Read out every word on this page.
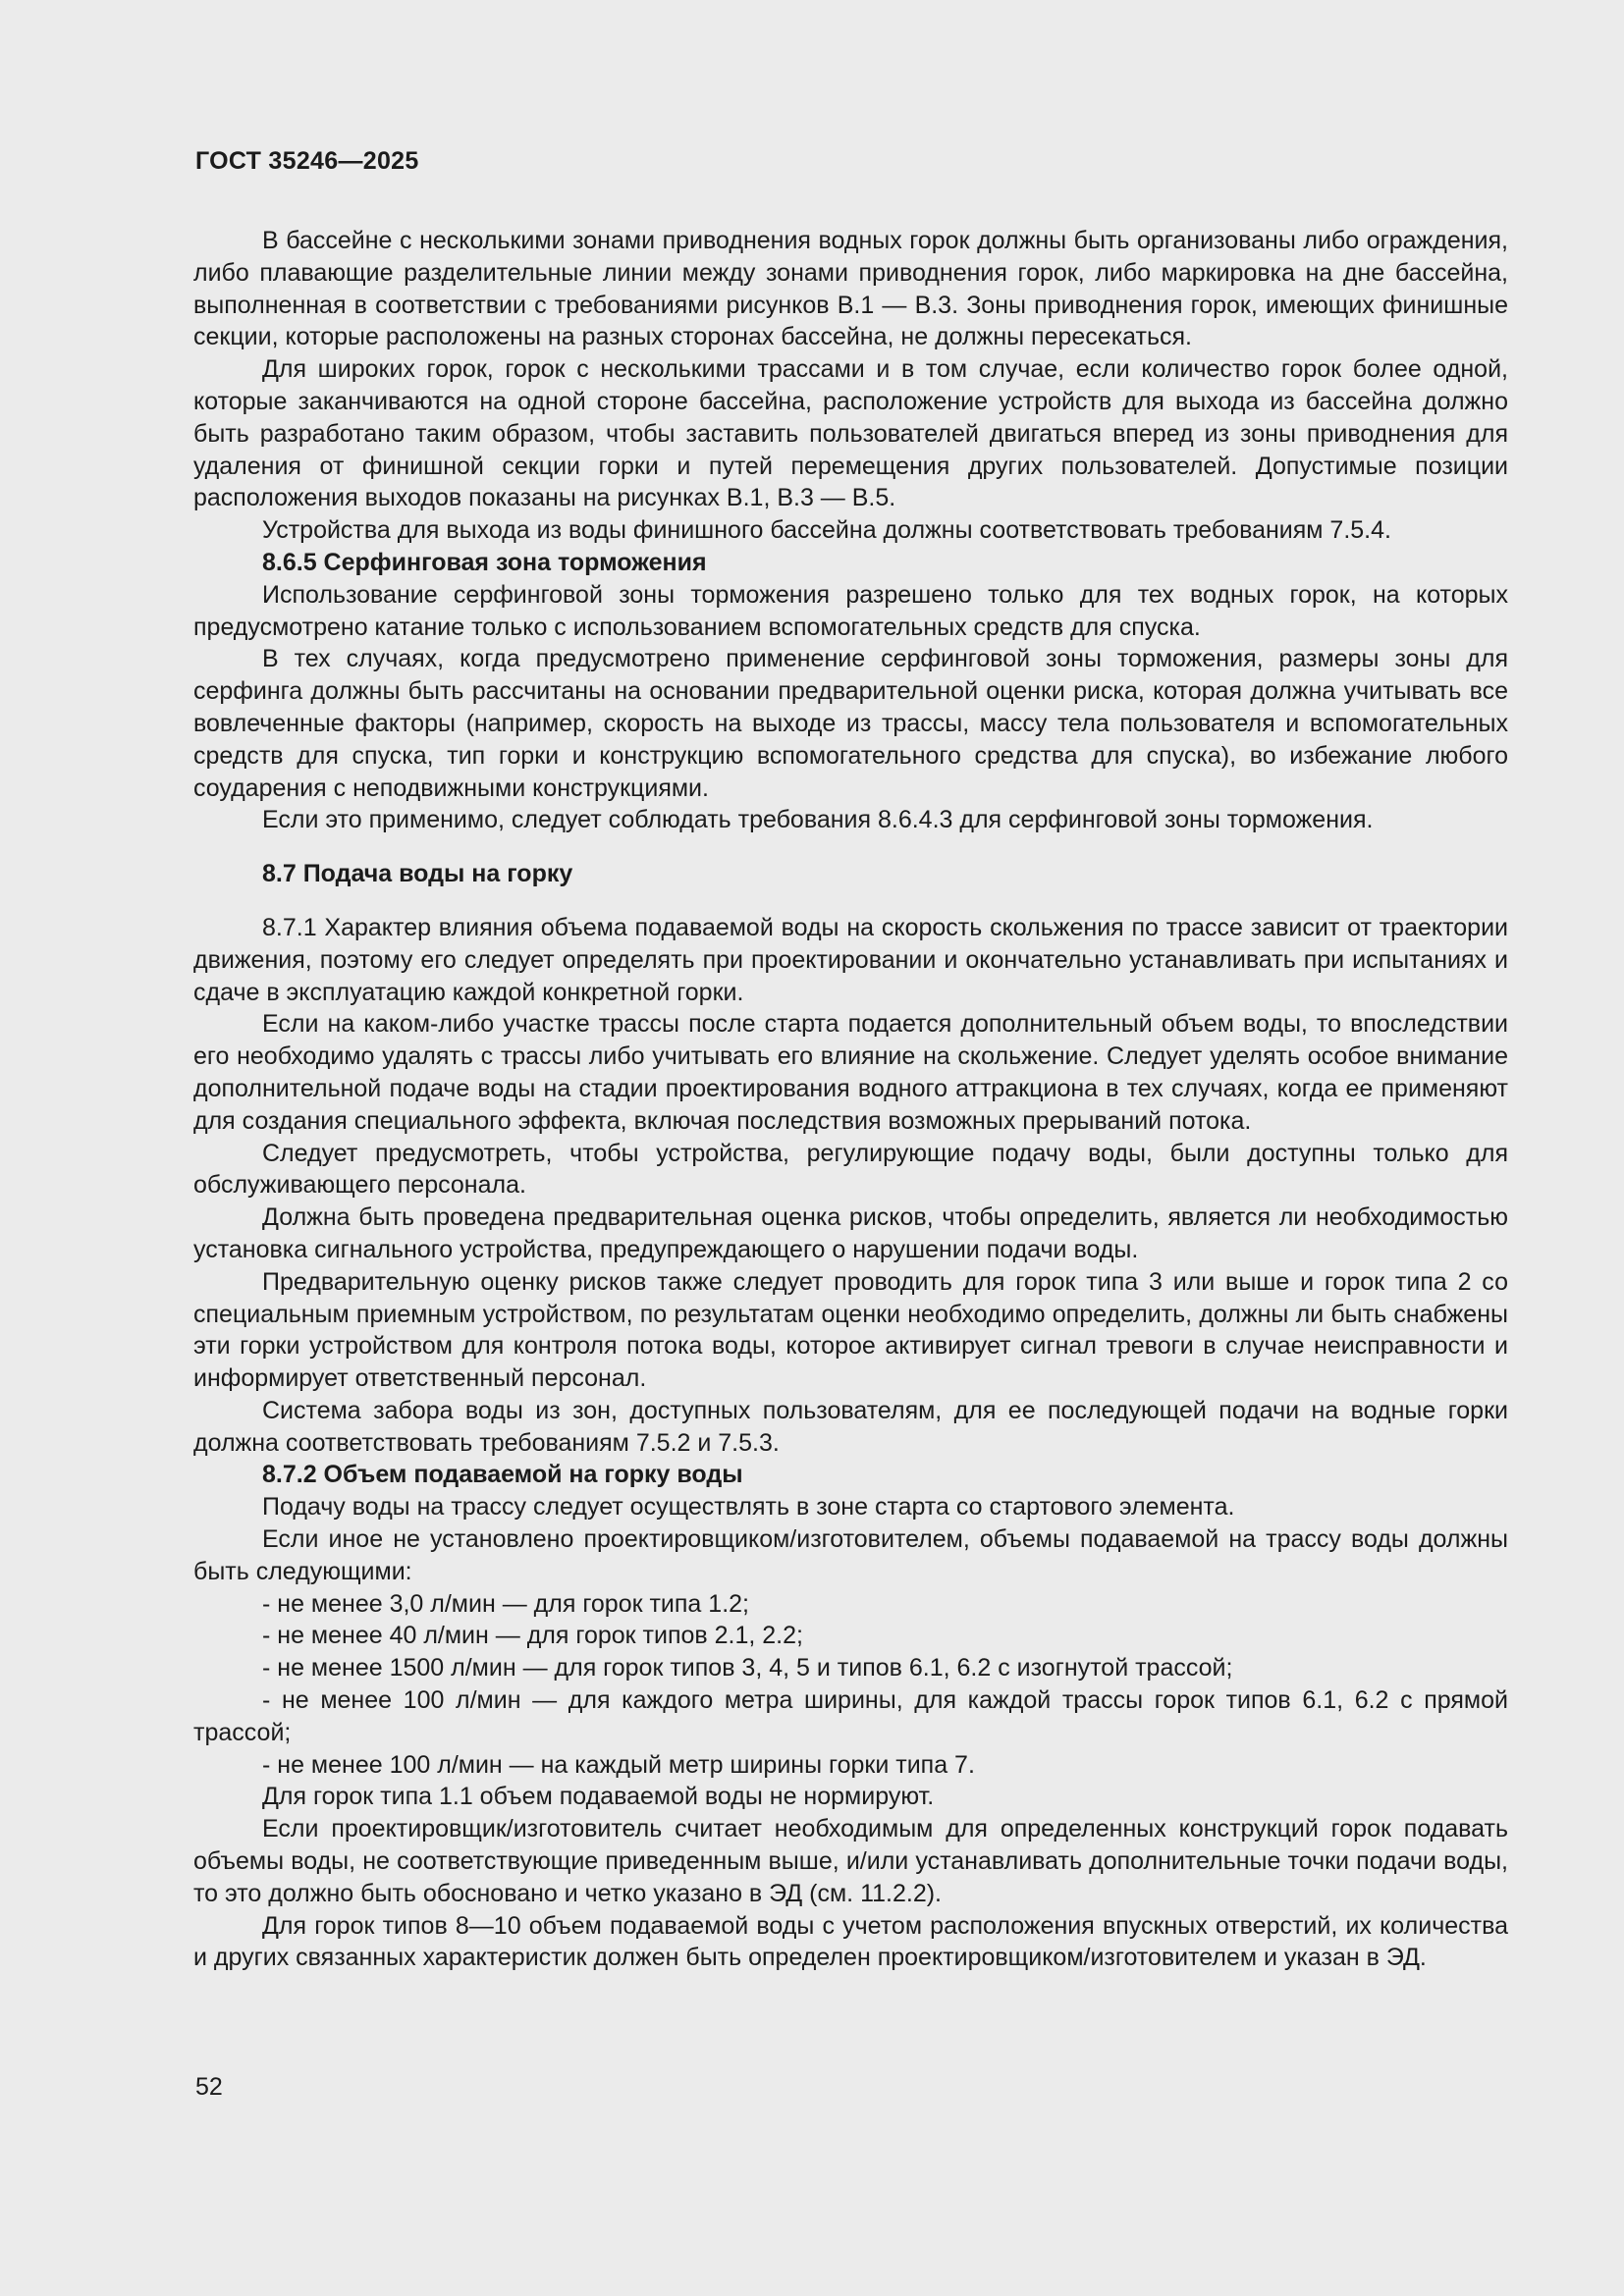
ГОСТ 35246—2025

В бассейне с несколькими зонами приводнения водных горок должны быть организованы либо ограждения, либо плавающие разделительные линии между зонами приводнения горок, либо маркировка на дне бассейна, выполненная в соответствии с требованиями рисунков В.1 — В.3. Зоны приводнения горок, имеющих финишные секции, которые расположены на разных сторонах бассейна, не должны пересекаться.

Для широких горок, горок с несколькими трассами и в том случае, если количество горок более одной, которые заканчиваются на одной стороне бассейна, расположение устройств для выхода из бассейна должно быть разработано таким образом, чтобы заставить пользователей двигаться вперед из зоны приводнения для удаления от финишной секции горки и путей перемещения других пользователей. Допустимые позиции расположения выходов показаны на рисунках В.1, В.3 — В.5.

Устройства для выхода из воды финишного бассейна должны соответствовать требованиям 7.5.4.

8.6.5 Серфинговая зона торможения

Использование серфинговой зоны торможения разрешено только для тех водных горок, на которых предусмотрено катание только с использованием вспомогательных средств для спуска.

В тех случаях, когда предусмотрено применение серфинговой зоны торможения, размеры зоны для серфинга должны быть рассчитаны на основании предварительной оценки риска, которая должна учитывать все вовлеченные факторы (например, скорость на выходе из трассы, массу тела пользователя и вспомогательных средств для спуска, тип горки и конструкцию вспомогательного средства для спуска), во избежание любого соударения с неподвижными конструкциями.

Если это применимо, следует соблюдать требования 8.6.4.3 для серфинговой зоны торможения.

8.7 Подача воды на горку

8.7.1 Характер влияния объема подаваемой воды на скорость скольжения по трассе зависит от траектории движения, поэтому его следует определять при проектировании и окончательно устанавливать при испытаниях и сдаче в эксплуатацию каждой конкретной горки.

Если на каком-либо участке трассы после старта подается дополнительный объем воды, то впоследствии его необходимо удалять с трассы либо учитывать его влияние на скольжение. Следует уделять особое внимание дополнительной подаче воды на стадии проектирования водного аттракциона в тех случаях, когда ее применяют для создания специального эффекта, включая последствия возможных прерываний потока.

Следует предусмотреть, чтобы устройства, регулирующие подачу воды, были доступны только для обслуживающего персонала.

Должна быть проведена предварительная оценка рисков, чтобы определить, является ли необходимостью установка сигнального устройства, предупреждающего о нарушении подачи воды.

Предварительную оценку рисков также следует проводить для горок типа 3 или выше и горок типа 2 со специальным приемным устройством, по результатам оценки необходимо определить, должны ли быть снабжены эти горки устройством для контроля потока воды, которое активирует сигнал тревоги в случае неисправности и информирует ответственный персонал.

Система забора воды из зон, доступных пользователям, для ее последующей подачи на водные горки должна соответствовать требованиям 7.5.2 и 7.5.3.

8.7.2 Объем подаваемой на горку воды

Подачу воды на трассу следует осуществлять в зоне старта со стартового элемента.

Если иное не установлено проектировщиком/изготовителем, объемы подаваемой на трассу воды должны быть следующими:

- не менее 3,0 л/мин — для горок типа 1.2;

- не менее 40 л/мин — для горок типов 2.1, 2.2;

- не менее 1500 л/мин — для горок типов 3, 4, 5 и типов 6.1, 6.2 с изогнутой трассой;

- не менее 100 л/мин — для каждого метра ширины, для каждой трассы горок типов 6.1, 6.2 с прямой трассой;

- не менее 100 л/мин — на каждый метр ширины горки типа 7.

Для горок типа 1.1 объем подаваемой воды не нормируют.

Если проектировщик/изготовитель считает необходимым для определенных конструкций горок подавать объемы воды, не соответствующие приведенным выше, и/или устанавливать дополнительные точки подачи воды, то это должно быть обосновано и четко указано в ЭД (см. 11.2.2).

Для горок типов 8—10 объем подаваемой воды с учетом расположения впускных отверстий, их количества и других связанных характеристик должен быть определен проектировщиком/изготовителем и указан в ЭД.

52
